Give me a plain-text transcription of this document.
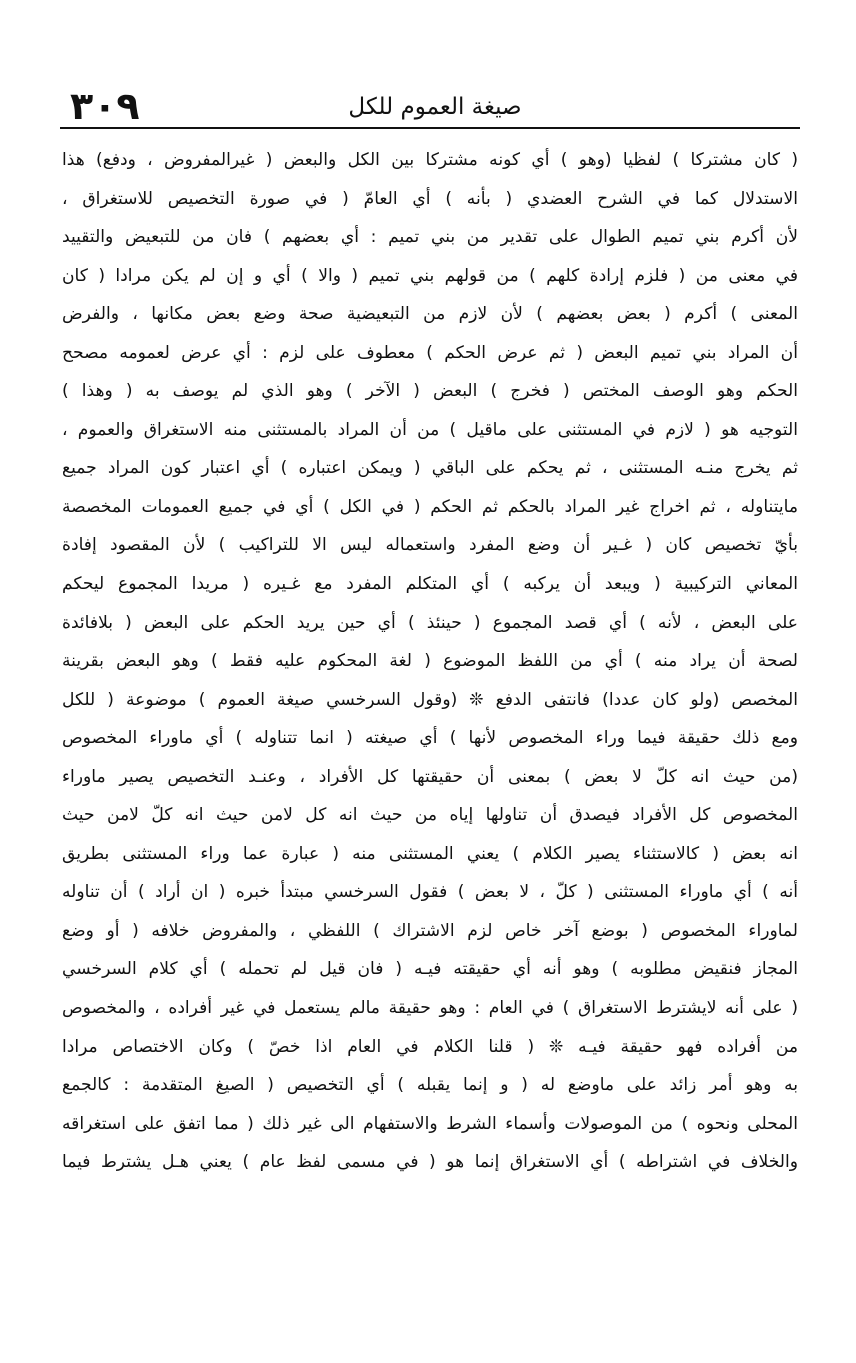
٣٠٩	صيغة العموم للكل
( كان مشتركا ) لفظيا (وهو ) أي كونه مشتركا بين الكل والبعض ( غيرالمفروض ، ودفع) هذا
الاستدلال كما في الشرح العضدي ( بأنه ) أي العامّ ( في صورة التخصيص للاستغراق ،
لأن أكرم بني تميم الطوال على تقدير من بني تميم : أي بعضهم ) فان من للتبعيض والتقييد
في معنى من ( فلزم إرادة كلهم ) من قولهم بني تميم ( والا ) أي و إن لم يكن مرادا ( كان
المعنى ) أكرم ( بعض بعضهم ) لأن لازم من التبعيضية صحة وضع بعض مكانها ، والفرض
أن المراد بني تميم البعض ( ثم عرض الحكم ) معطوف على لزم : أي عرض لعمومه مصحح
الحكم وهو الوصف المختص ( فخرج ) البعض ( الآخر ) وهو الذي لم يوصف به ( وهذا )
التوجيه هو ( لازم في المستثنى على ماقيل ) من أن المراد بالمستثنى منه الاستغراق والعموم ،
ثم يخرج منـه المستثنى ، ثم يحكم على الباقي ( ويمكن اعتباره ) أي اعتبار كون المراد جميع
مايتناوله ، ثم اخراج غير المراد بالحكم ثم الحكم ( في الكل ) أي في جميع العمومات المخصصة
بأيّ تخصيص كان ( غـير أن وضع المفرد واستعماله ليس الا للتراكيب ) لأن المقصود إفادة
المعاني التركيبية ( ويبعد أن يركبه ) أي المتكلم المفرد مع غـيره ( مريدا المجموع ليحكم
على البعض ، لأنه ) أي قصد المجموع ( حينئذ ) أي حين يريد الحكم على البعض ( بلافائدة
لصحة أن يراد منه ) أي من اللفظ الموضوع ( لغة المحكوم عليه فقط ) وهو البعض بقرينة
المخصص (ولو كان عددا) فانتفى الدفع ❊ (وقول السرخسي صيغة العموم ) موضوعة ( للكل
ومع ذلك حقيقة فيما وراء المخصوص لأنها ) أي صيغته ( انما تتناوله ) أي ماوراء المخصوص
(من حيث انه كلّ لا بعض ) بمعنى أن حقيقتها كل الأفراد ، وعنـد التخصيص يصير ماوراء
المخصوص كل الأفراد فيصدق أن تناولها إياه من حيث انه كل لامن حيث انه كلّ لامن حيث
انه بعض ( كالاستثناء يصير الكلام ) يعني المستثنى منه ( عبارة عما وراء المستثنى بطريق
أنه ) أي ماوراء المستثنى ( كلّ ، لا بعض ) فقول السرخسي مبتدأ خبره ( ان أراد ) أن تناوله
لماوراء المخصوص ( بوضع آخر خاص لزم الاشتراك ) اللفظي ، والمفروض خلافه ( أو وضع
المجاز فنقيض مطلوبه ) وهو أنه أي حقيقته فيـه ( فان قيل لم تحمله ) أي كلام السرخسي
( على أنه لايشترط الاستغراق ) في العام : وهو حقيقة مالم يستعمل في غير أفراده ، والمخصوص
من أفراده فهو حقيقة فيـه ❊ ( قلنا الكلام في العام اذا خصّ ) وكان الاختصاص مرادا
به وهو أمر زائد على ماوضع له ( و إنما يقبله ) أي التخصيص ( الصيغ المتقدمة : كالجمع
المحلى ونحوه ) من الموصولات وأسماء الشرط والاستفهام الى غير ذلك ( مما اتفق على استغراقه
والخلاف في اشتراطه ) أي الاستغراق إنما هو ( في مسمى لفظ عام ) يعني هـل يشترط فيما
